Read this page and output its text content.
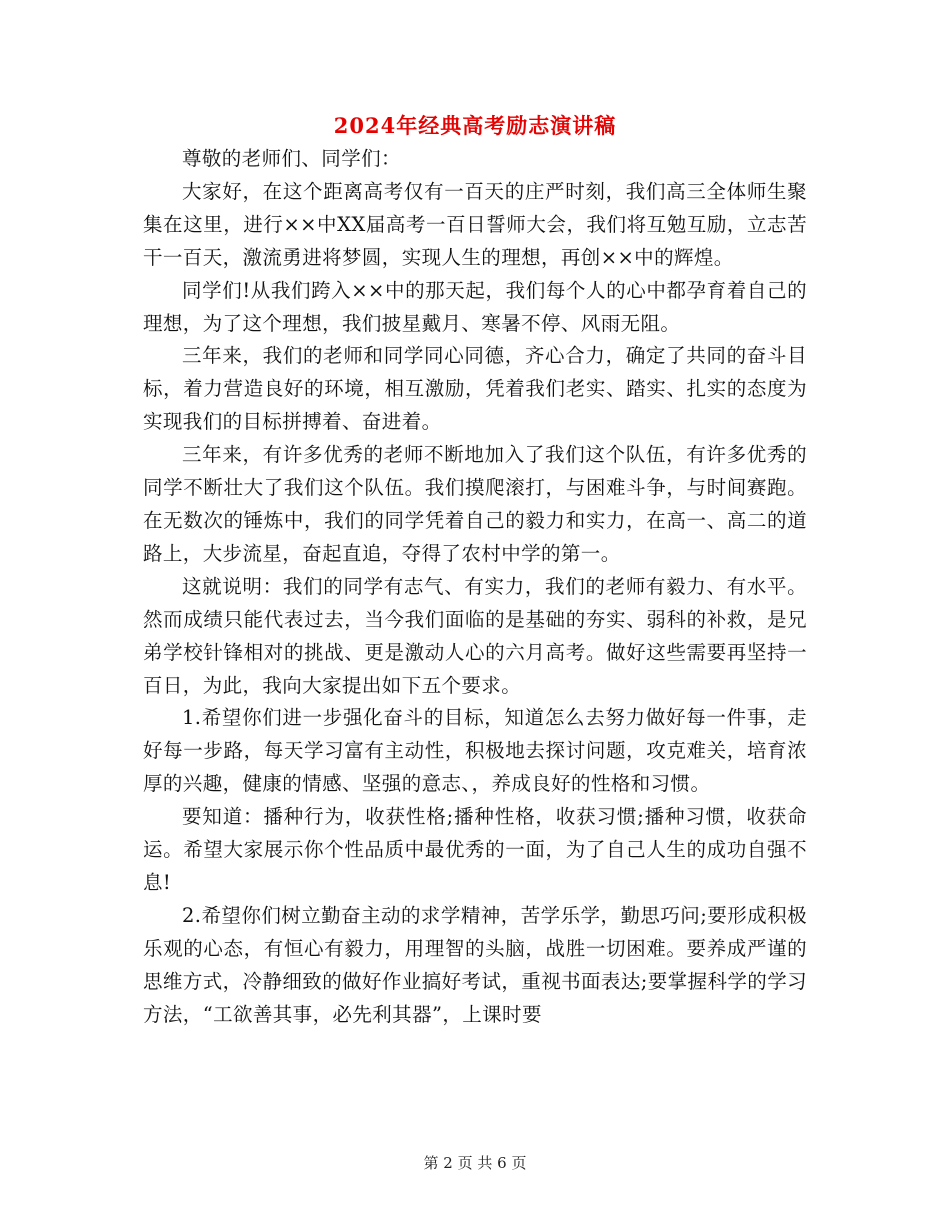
2024年经典高考励志演讲稿

尊敬的老师们、同学们：

大家好，在这个距离高考仅有一百天的庄严时刻，我们高三全体师生聚集在这里，进行××中XX届高考一百日誓师大会，我们将互勉互励，立志苦干一百天，激流勇进将梦圆，实现人生的理想，再创××中的辉煌。

同学们!从我们跨入××中的那天起，我们每个人的心中都孕育着自己的理想，为了这个理想，我们披星戴月、寒暑不停、风雨无阻。

三年来，我们的老师和同学同心同德，齐心合力，确定了共同的奋斗目标，着力营造良好的环境，相互激励，凭着我们老实、踏实、扎实的态度为实现我们的目标拼搏着、奋进着。

三年来，有许多优秀的老师不断地加入了我们这个队伍，有许多优秀的同学不断壮大了我们这个队伍。我们摸爬滚打，与困难斗争，与时间赛跑。在无数次的锤炼中，我们的同学凭着自己的毅力和实力，在高一、高二的道路上，大步流星，奋起直追，夺得了农村中学的第一。

这就说明：我们的同学有志气、有实力，我们的老师有毅力、有水平。然而成绩只能代表过去，当今我们面临的是基础的夯实、弱科的补救，是兄弟学校针锋相对的挑战、更是激动人心的六月高考。做好这些需要再坚持一百日，为此，我向大家提出如下五个要求。

1.希望你们进一步强化奋斗的目标，知道怎么去努力做好每一件事，走好每一步路，每天学习富有主动性，积极地去探讨问题，攻克难关，培育浓厚的兴趣，健康的情感、坚强的意志、，养成良好的性格和习惯。

要知道：播种行为，收获性格;播种性格，收获习惯;播种习惯，收获命运。希望大家展示你个性品质中最优秀的一面，为了自己人生的成功自强不息!

2.希望你们树立勤奋主动的求学精神，苦学乐学，勤思巧问;要形成积极乐观的心态，有恒心有毅力，用理智的头脑，战胜一切困难。要养成严谨的思维方式，冷静细致的做好作业搞好考试，重视书面表达;要掌握科学的学习方法，“工欲善其事，必先利其器”，上课时要

第 2 页 共 6 页
